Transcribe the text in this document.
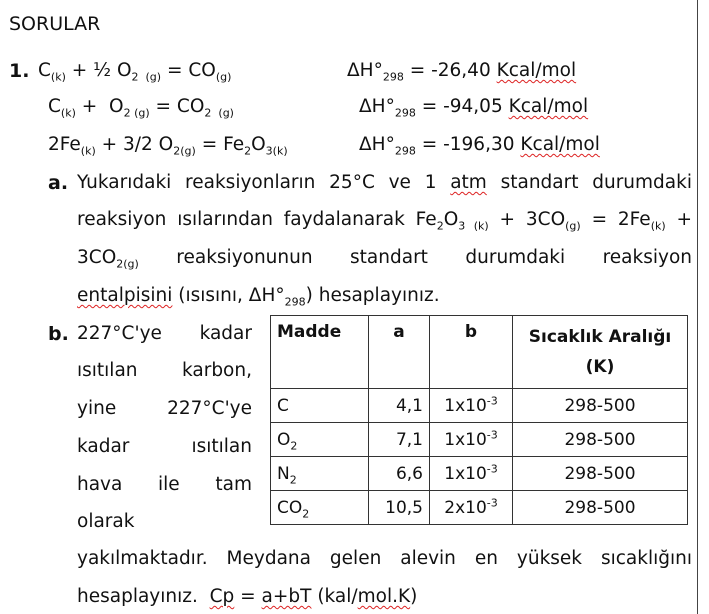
SORULAR
1. $C_{(k)}$ + ½ $O_{2 (g)} = CO_{(g)}$	$\Delta H^\circ_{298} = -26,40$ Kcal/mol
$C_{(k)} + O_{2 (g)} = CO_{2 (g)}$	$\Delta H^\circ_{298} = -94,05$ Kcal/mol
$2Fe_{(k)} + 3/2$ $O_{2(g)} = Fe_2O_{3(k)}$	$\Delta H^\circ_{298} = -196,30$ Kcal/mol
a. Yukarıdaki reaksiyonların 25°C ve 1 atm standart durumdaki
reaksiyon ısılarından faydalanarak $Fe_2O_{3 (k)} + 3CO_{(g)} = 2Fe_{(k)}$ +
$3CO_{2(g)}$ reaksiyonunun standart durumdaki reaksiyon
entalpisini (ısısını, $\Delta H^\circ_{298}$) hesaplayınız.
b. 227°C'ye kadar
ısıtılan karbon,
yine 227°C'ye
kadar ısıtılan
hava ile tam
olarak
yakılmaktadır. Meydana gelen alevin en yüksek sıcaklığını
hesaplayınız.  Cp = a+bT (kal/mol.K)
Madde	a	b	Sıcaklık Aralığı
(K)
C	4,1	$1x10^{-3}$	298-500
$O_2$	7,1	$1x10^{-3}$	298-500
$N_2$	6,6	$1x10^{-3}$	298-500
$CO_2$	10,5	$2x10^{-3}$	298-500
